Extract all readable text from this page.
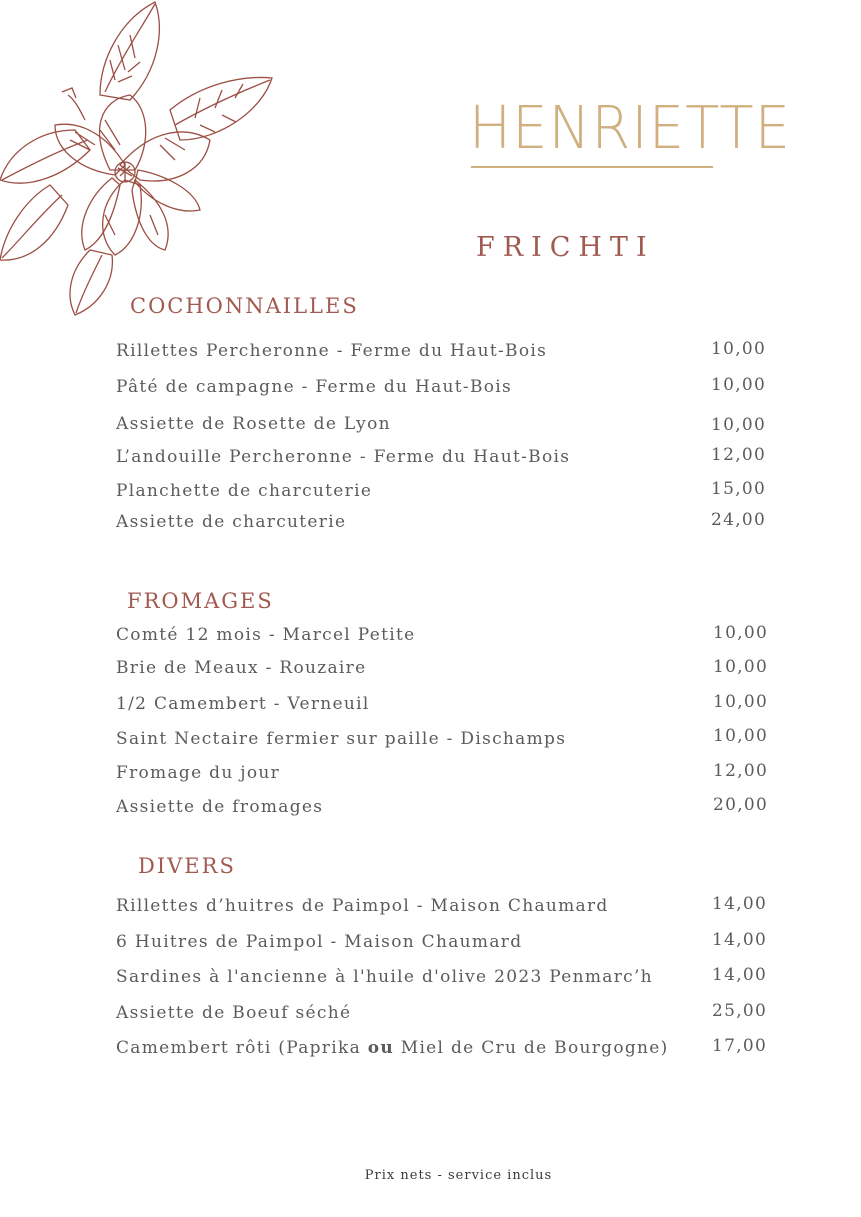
HENRIETTE
FRICHTI
COCHONNAILLES
Rillettes Percheronne - Ferme du Haut-Bois	10,00
Pâté de campagne - Ferme du Haut-Bois	10,00
Assiette de Rosette de Lyon	10,00
L’andouille Percheronne - Ferme du Haut-Bois	12,00
Planchette de charcuterie	15,00
Assiette de charcuterie	24,00
FROMAGES
Comté 12 mois - Marcel Petite	10,00
Brie de Meaux - Rouzaire	10,00
1/2 Camembert - Verneuil	10,00
Saint Nectaire fermier sur paille - Dischamps	10,00
Fromage du jour	12,00
Assiette de fromages	20,00
DIVERS
Rillettes d’huitres de Paimpol - Maison Chaumard	14,00
6 Huitres de Paimpol - Maison Chaumard	14,00
Sardines à l'ancienne à l'huile d'olive 2023 Penmarc’h	14,00
Assiette de Boeuf séché	25,00
Camembert rôti (Paprika ou Miel de Cru de Bourgogne)	17,00
Prix nets - service inclus
